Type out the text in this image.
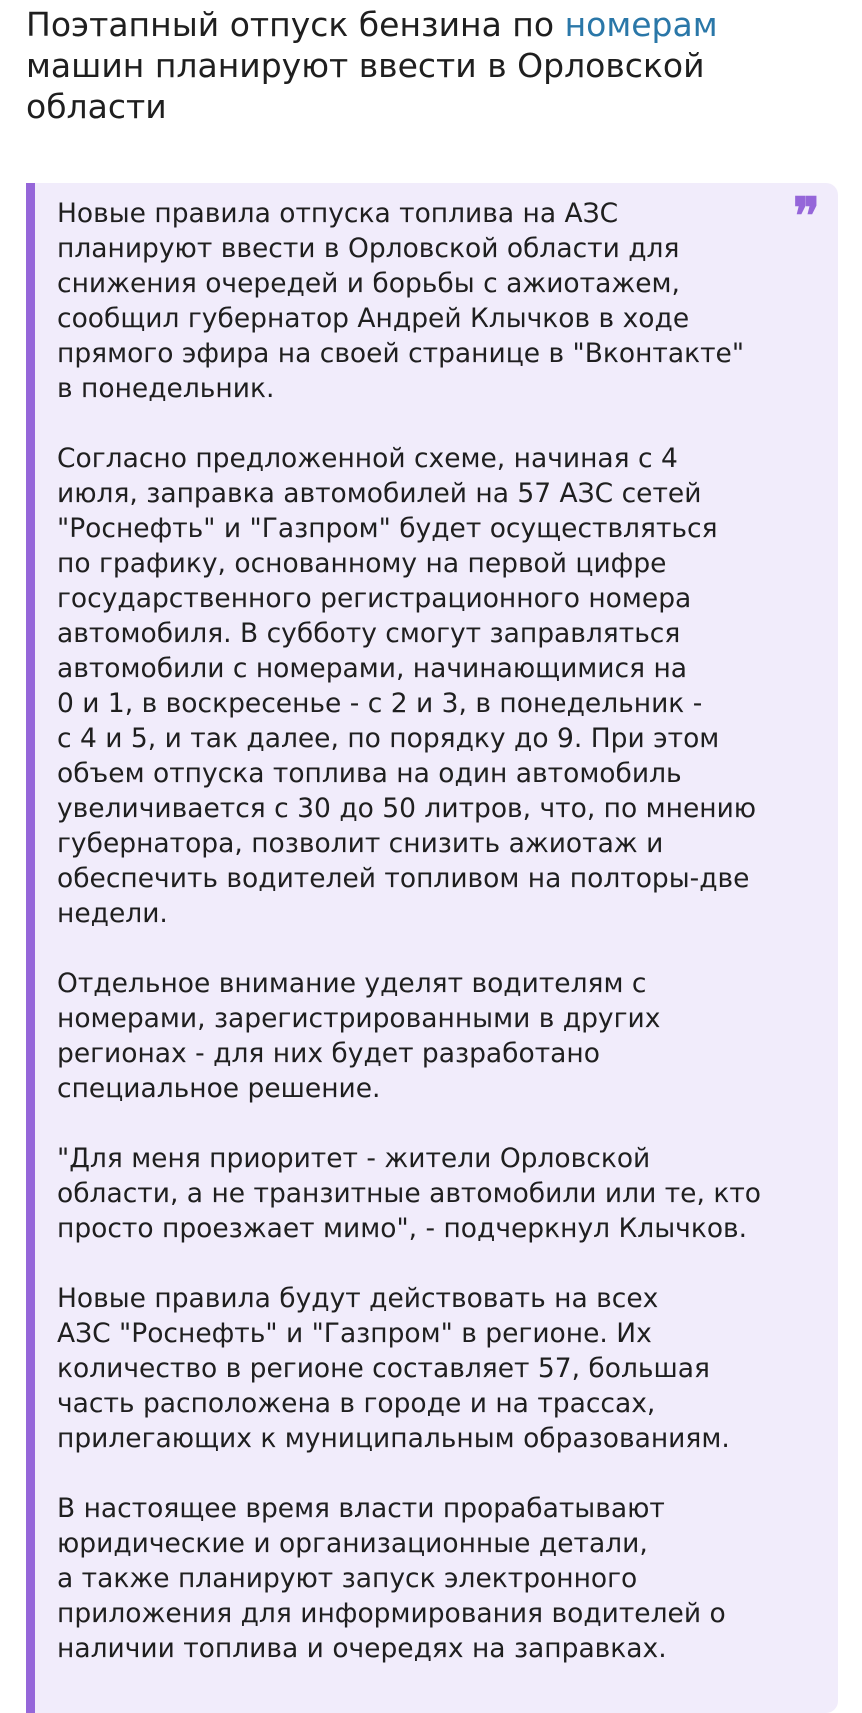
Поэтапный отпуск бензина по номерам
машин планируют ввести в Орловской
области
❞

Новые правила отпуска топлива на АЗС
планируют ввести в Орловской области для
снижения очередей и борьбы с ажиотажем,
сообщил губернатор Андрей Клычков в ходе
прямого эфира на своей странице в "Вконтакте"
в понедельник.

Согласно предложенной схеме, начиная с 4
июля, заправка автомобилей на 57 АЗС сетей
"Роснефть" и "Газпром" будет осуществляться
по графику, основанному на первой цифре
государственного регистрационного номера
автомобиля. В субботу смогут заправляться
автомобили с номерами, начинающимися на
0 и 1, в воскресенье - с 2 и 3, в понедельник -
с 4 и 5, и так далее, по порядку до 9. При этом
объем отпуска топлива на один автомобиль
увеличивается с 30 до 50 литров, что, по мнению
губернатора, позволит снизить ажиотаж и
обеспечить водителей топливом на полторы-две
недели.

Отдельное внимание уделят водителям с
номерами, зарегистрированными в других
регионах - для них будет разработано
специальное решение.

"Для меня приоритет - жители Орловской
области, а не транзитные автомобили или те, кто
просто проезжает мимо", - подчеркнул Клычков.

Новые правила будут действовать на всех
АЗС "Роснефть" и "Газпром" в регионе. Их
количество в регионе составляет 57, большая
часть расположена в городе и на трассах,
прилегающих к муниципальным образованиям.

В настоящее время власти прорабатывают
юридические и организационные детали,
а также планируют запуск электронного
приложения для информирования водителей о
наличии топлива и очередях на заправках.
